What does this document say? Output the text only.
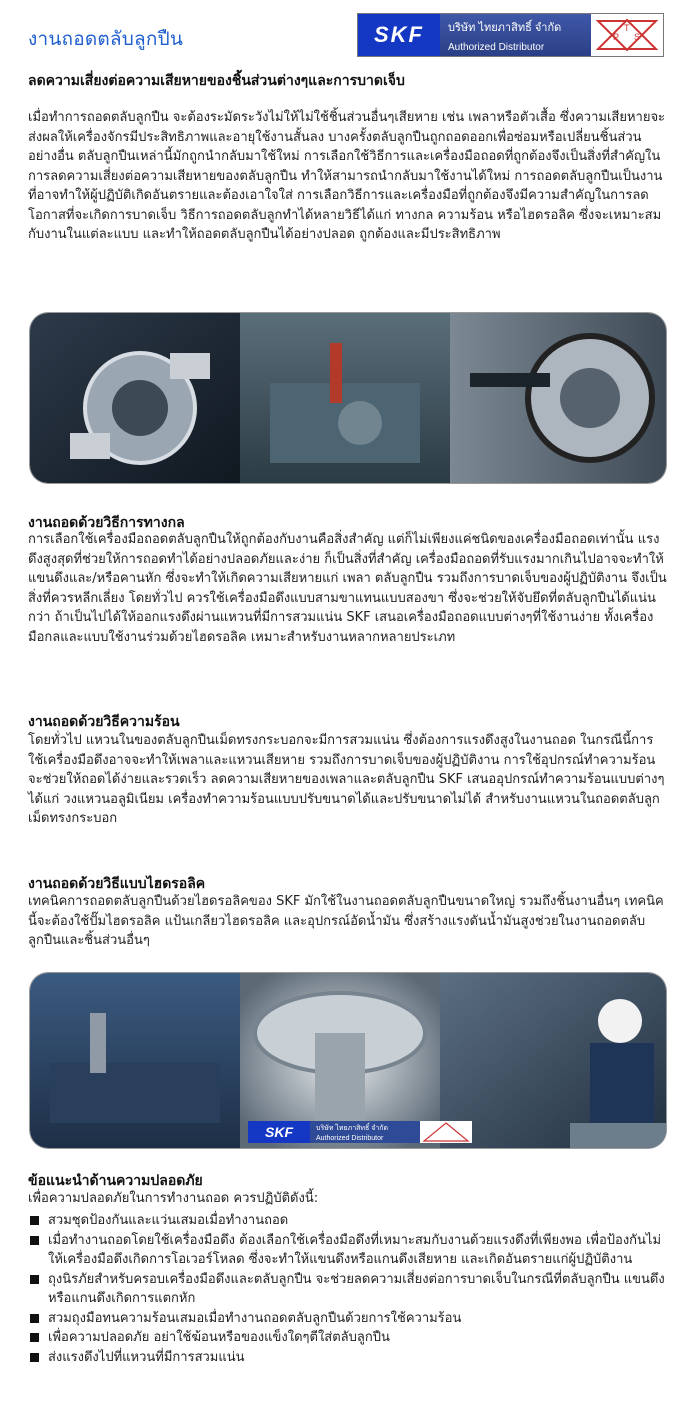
งานถอดตลับลูกปืน	SKF	บริษัท ไทยภาสิทธิ์ จำกัด
Authorized Distributor
P
T
S
ลดความเสี่ยงต่อความเสียหายของชิ้นส่วนต่างๆและการบาดเจ็บ
เมื่อทำการถอดตลับลูกปืน จะต้องระมัดระวังไม่ให้ไม่ใช้ชิ้นส่วนอื่นๆเสียหาย เช่น เพลาหรือตัวเสื้อ ซึ่งความเสียหายจะส่งผลให้เครื่องจักรมีประสิทธิภาพและอายุใช้งานสั้นลง บางครั้งตลับลูกปืนถูกถอดออกเพื่อซ่อมหรือเปลี่ยนชิ้นส่วนอย่างอื่น ตลับลูกปืนเหล่านี้มักถูกนำกลับมาใช้ใหม่ การเลือกใช้วิธีการและเครื่องมือถอดที่ถูกต้องจึงเป็นสิ่งที่สำคัญในการลดความเสี่ยงต่อความเสียหายของตลับลูกปืน ทำให้สามารถนำกลับมาใช้งานได้ใหม่ การถอดตลับลูกปืนเป็นงานที่อาจทำให้ผู้ปฏิบัติเกิดอันตรายและต้องเอาใจใส่ การเลือกวิธีการและเครื่องมือที่ถูกต้องจึงมีความสำคัญในการลดโอกาสที่จะเกิดการบาดเจ็บ วิธีการถอดตลับลูกทำได้หลายวิธีได้แก่ ทางกล ความร้อน หรือไฮดรอลิค ซึ่งจะเหมาะสมกับงานในแต่ละแบบ และทำให้ถอดตลับลูกปืนได้อย่างปลอด ถูกต้องและมีประสิทธิภาพ
งานถอดด้วยวิธีการทางกล
การเลือกใช้เครื่องมือถอดตลับลูกปืนให้ถูกต้องกับงานคือสิ่งสำคัญ แต่ก็ไม่เพียงแค่ชนิดของเครื่องมือถอดเท่านั้น แรงดึงสูงสุดที่ช่วยให้การถอดทำได้อย่างปลอดภัยและง่าย ก็เป็นสิ่งที่สำคัญ เครื่องมือถอดที่รับแรงมากเกินไปอาจจะทำให้แขนดึงและ/หรือคานหัก ซึ่งจะทำให้เกิดความเสียหายแก่ เพลา ตลับลูกปืน รวมถึงการบาดเจ็บของผู้ปฏิบัติงาน จึงเป็นสิ่งที่ควรหลีกเลี่ยง โดยทั่วไป ควรใช้เครื่องมือดึงแบบสามขาแทนแบบสองขา ซึ่งจะช่วยให้จับยึดที่ตลับลูกปืนได้แน่นกว่า ถ้าเป็นไปได้ให้ออกแรงดึงผ่านแหวนที่มีการสวมแน่น SKF เสนอเครื่องมือถอดแบบต่างๆที่ใช้งานง่าย ทั้งเครื่องมือกลและแบบใช้งานร่วมด้วยไฮดรอลิค เหมาะสำหรับงานหลากหลายประเภท
งานถอดด้วยวิธีความร้อน
โดยทั่วไป แหวนในของตลับลูกปืนเม็ดทรงกระบอกจะมีการสวมแน่น ซึ่งต้องการแรงดึงสูงในงานถอด ในกรณีนี้การใช้เครื่องมือดึงอาจจะทำให้เพลาและแหวนเสียหาย รวมถึงการบาดเจ็บของผู้ปฏิบัติงาน การใช้อุปกรณ์ทำความร้อนจะช่วยให้ถอดได้ง่ายและรวดเร็ว ลดความเสียหายของเพลาและตลับลูกปืน SKF เสนออุปกรณ์ทำความร้อนแบบต่างๆ ได้แก่ วงแหวนอลูมิเนียม เครื่องทำความร้อนแบบปรับขนาดได้และปรับขนาดไม่ได้ สำหรับงานแหวนในถอดตลับลูกเม็ดทรงกระบอก
งานถอดด้วยวิธีแบบไฮดรอลิค
เทคนิคการถอดตลับลูกปืนด้วยไฮดรอลิคของ SKF มักใช้ในงานถอดตลับลูกปืนขนาดใหญ่ รวมถึงชิ้นงานอื่นๆ เทคนิคนี้จะต้องใช้ปั๊มไฮดรอลิค แป้นเกลียวไฮดรอลิค และอุปกรณ์อัดน้ำมัน ซึ่งสร้างแรงดันน้ำมันสูงช่วยในงานถอดตลับลูกปืนและชิ้นส่วนอื่นๆ
SKF	บริษัท ไทยภาสิทธิ์ จำกัด
Authorized Distributor
ข้อแนะนำด้านความปลอดภัย
เพื่อความปลอดภัยในการทำงานถอด ควรปฏิบัติดังนี้:
สวมชุดป้องกันและแว่นเสมอเมื่อทำงานถอด
เมื่อทำงานถอดโดยใช้เครื่องมือดึง ต้องเลือกใช้เครื่องมือดึงที่เหมาะสมกับงานด้วยแรงดึงที่เพียงพอ เพื่อป้องกันไม่ให้เครื่องมือดึงเกิดการโอเวอร์โหลด ซึ่งจะทำให้แขนดึงหรือแกนดึงเสียหาย และเกิดอันตรายแก่ผู้ปฏิบัติงาน
ถุงนิรภัยสำหรับครอบเครื่องมือดึงและตลับลูกปืน จะช่วยลดความเสี่ยงต่อการบาดเจ็บในกรณีที่ตลับลูกปืน แขนดึงหรือแกนดึงเกิดการแตกหัก
สวมถุงมือทนความร้อนเสมอเมื่อทำงานถอดตลับลูกปืนด้วยการใช้ความร้อน
เพื่อความปลอดภัย อย่าใช้ฆ้อนหรือของแข็งใดๆตีใส่ตลับลูกปืน
ส่งแรงดึงไปที่แหวนที่มีการสวมแน่น
